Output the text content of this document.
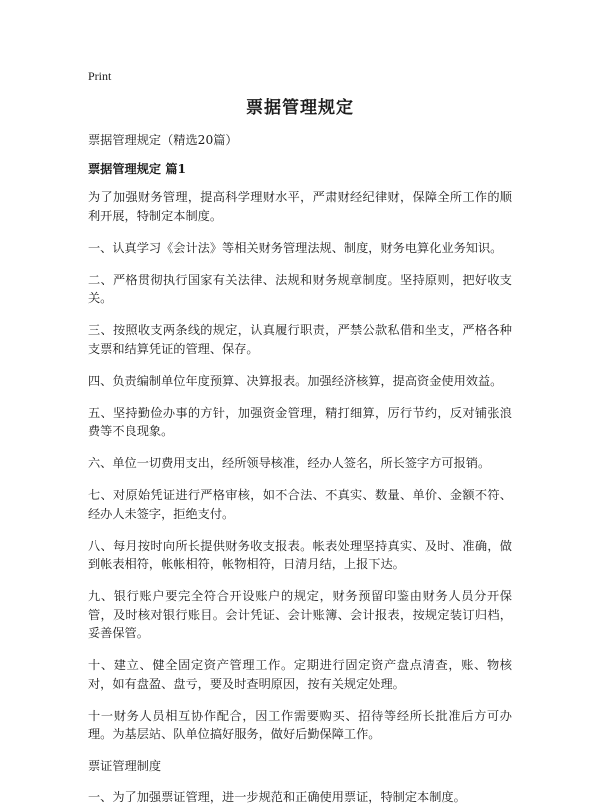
Print
票据管理规定
票据管理规定（精选20篇）
票据管理规定 篇1

为了加强财务管理，提高科学理财水平，严肃财经纪律财，保障全所工作的顺利开展，特制定本制度。

一、认真学习《会计法》等相关财务管理法规、制度，财务电算化业务知识。

二、严格贯彻执行国家有关法律、法规和财务规章制度。坚持原则，把好收支关。

三、按照收支两条线的规定，认真履行职责，严禁公款私借和坐支，严格各种支票和结算凭证的管理、保存。

四、负责编制单位年度预算、决算报表。加强经济核算，提高资金使用效益。

五、坚持勤俭办事的方针，加强资金管理，精打细算，厉行节约，反对铺张浪费等不良现象。

六、单位一切费用支出，经所领导核准，经办人签名，所长签字方可报销。

七、对原始凭证进行严格审核，如不合法、不真实、数量、单价、金额不符、经办人未签字，拒绝支付。

八、每月按时向所长提供财务收支报表。帐表处理坚持真实、及时、准确，做到帐表相符，帐帐相符，帐物相符，日清月结，上报下达。

九、银行账户要完全符合开设账户的规定，财务预留印鉴由财务人员分开保管，及时核对银行账目。会计凭证、会计账簿、会计报表，按规定装订归档，妥善保管。

十、建立、健全固定资产管理工作。定期进行固定资产盘点清查，账、物核对，如有盘盈、盘亏，要及时查明原因，按有关规定处理。

十一财务人员相互协作配合，因工作需要购买、招待等经所长批准后方可办理。为基层站、队单位搞好服务，做好后勤保障工作。

票证管理制度

一、为了加强票证管理，进一步规范和正确使用票证，特制定本制度。
